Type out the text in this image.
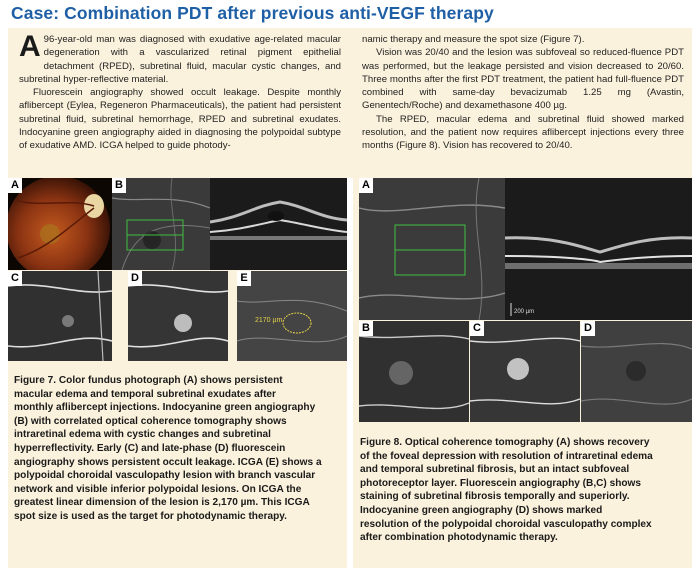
Case: Combination PDT after previous anti-VEGF therapy

A 96-year-old man was diagnosed with exudative age-related macular degeneration with a vascularized retinal pigment epithelial detachment (RPED), subretinal fluid, macular cystic changes, and subretinal hyper-reflective material.

Fluorescein angiography showed occult leakage. Despite monthly aflibercept (Eylea, Regeneron Pharmaceuticals), the patient had persistent subretinal fluid, subretinal hemorrhage, RPED and subretinal exudates. Indocyanine green angiography aided in diagnosing the polypoidal subtype of exudative AMD. ICGA helped to guide photody-

namic therapy and measure the spot size (Figure 7).

Vision was 20/40 and the lesion was subfoveal so reduced-fluence PDT was performed, but the leakage persisted and vision decreased to 20/60. Three months after the first PDT treatment, the patient had full-fluence PDT combined with same-day bevacizumab 1.25 mg (Avastin, Genentech/Roche) and dexamethasone 400 µg.

The RPED, macular edema and subretinal fluid showed marked resolution, and the patient now requires aflibercept injections every three months (Figure 8). Vision has recovered to 20/40.

A	B
C	D
2170 µm
E
Figure 7. Color fundus photograph (A) shows persistent
macular edema and temporal subretinal exudates after
monthly aflibercept injections. Indocyanine green angiography
(B) with correlated optical coherence tomography shows
intraretinal edema with cystic changes and subretinal
hyperreflectivity. Early (C) and late-phase (D) fluorescein
angiography shows persistent occult leakage. ICGA (E) shows a
polypoidal choroidal vasculopathy lesion with branch vascular
network and visible inferior polypoidal lesions. On ICGA the
greatest linear dimension of the lesion is 2,170 µm. This ICGA
spot size is used as the target for photodynamic therapy.
A
200 µm
B	C	D
Figure 8. Optical coherence tomography (A) shows recovery
of the foveal depression with resolution of intraretinal edema
and temporal subretinal fibrosis, but an intact subfoveal
photoreceptor layer. Fluorescein angiography (B,C) shows
staining of subretinal fibrosis temporally and superiorly.
Indocyanine green angiography (D) shows marked
resolution of the polypoidal choroidal vasculopathy complex
after combination photodynamic therapy.
